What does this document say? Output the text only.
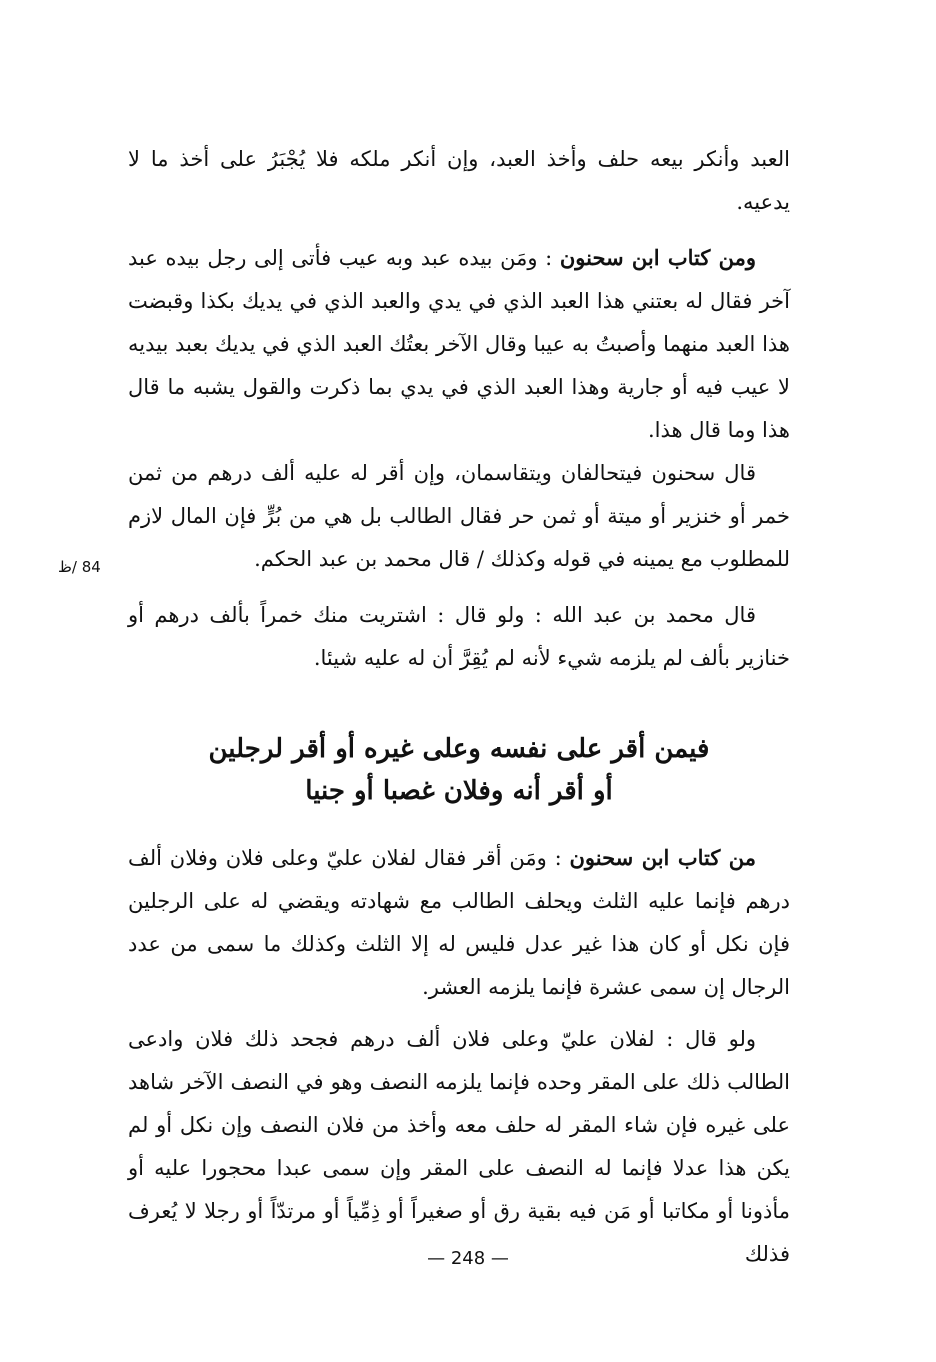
العبد وأنكر بيعه حلف وأخذ العبد، وإن أنكر ملكه فلا يُجْبَرُ على أخذ ما لا يدعيه.

ومن كتاب ابن سحنون : ومَن بيده عبد وبه عيب فأتى إلى رجل بيده عبد آخر فقال له بعتني هذا العبد الذي في يدي والعبد الذي في يديك بكذا وقبضت هذا العبد منهما وأصبتُ به عيبا وقال الآخر بعتُك العبد الذي في يديك بعبد بيديه لا عيب فيه أو جارية وهذا العبد الذي في يدي بما ذكرت والقول يشبه ما قال هذا وما قال هذا.

قال سحنون فيتحالفان ويتقاسمان، وإن أقر له عليه ألف درهم من ثمن خمر أو خنزير أو ميتة أو ثمن حر فقال الطالب بل هي من بُرٍّ فإن المال لازم للمطلوب مع يمينه في قوله وكذلك / قال محمد بن عبد الحكم.

84 /ظ

قال محمد بن عبد الله : ولو قال : اشتريت منك خمراً بألف درهم أو خنازير بألف لم يلزمه شيء لأنه لم يُقِرَّ أن له عليه شيئا.

فيمن أقر على نفسه وعلى غيره أو أقر لرجلين
أو أقر أنه وفلان غصبا أو جنيا

من كتاب ابن سحنون : ومَن أقر فقال لفلان عليّ وعلى فلان وفلان ألف درهم فإنما عليه الثلث ويحلف الطالب مع شهادته ويقضي له على الرجلين فإن نكل أو كان هذا غير عدل فليس له إلا الثلث وكذلك ما سمى من عدد الرجال إن سمى عشرة فإنما يلزمه العشر.

ولو قال : لفلان عليّ وعلى فلان ألف درهم فجحد ذلك فلان وادعى الطالب ذلك على المقر وحده فإنما يلزمه النصف وهو في النصف الآخر شاهد على غيره فإن شاء المقر له حلف معه وأخذ من فلان النصف وإن نكل أو لم يكن هذا عدلا فإنما له النصف على المقر وإن سمى عبدا محجورا عليه أو مأذونا أو مكاتبا أو مَن فيه بقية رق أو صغيراً أو ذِمِّياً أو مرتدّاً أو رجلا لا يُعرف فذلك

— 248 —
